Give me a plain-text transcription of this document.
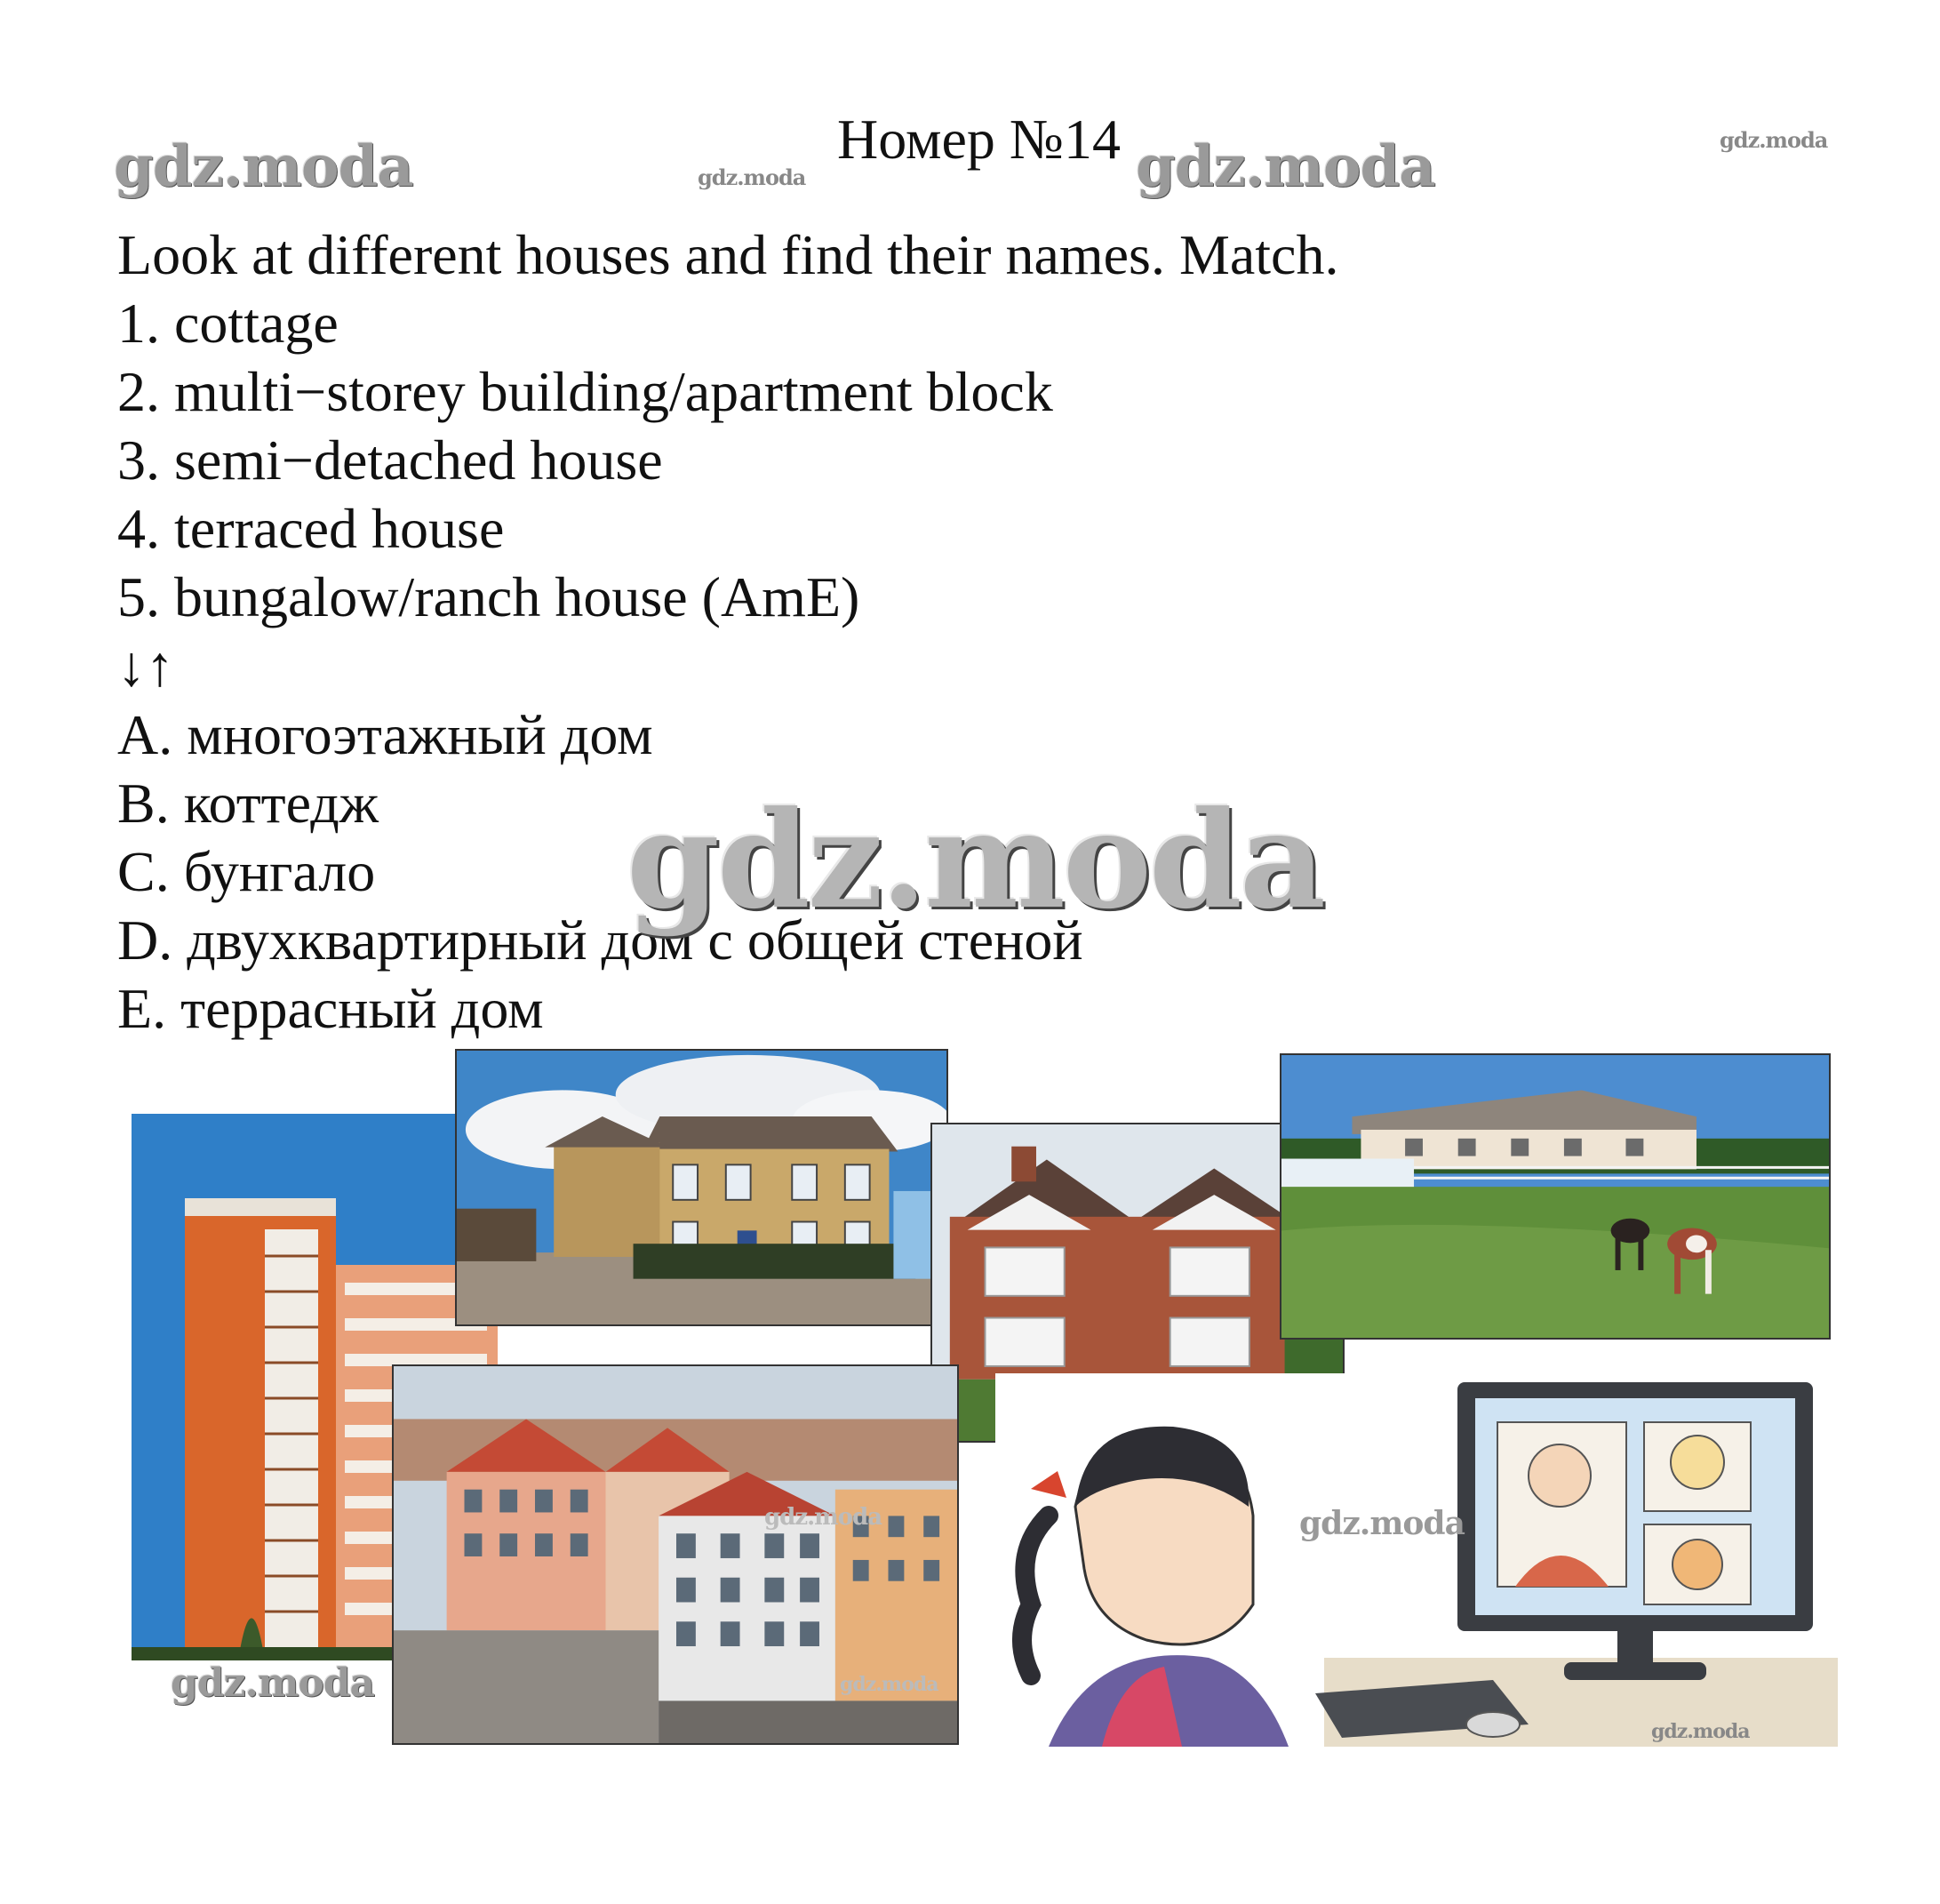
gdz.moda	gdz.moda	gdz.moda	gdz.moda
Номер №14
Look at different houses and find their names. Match.
1. cottage
2. multi−storey building/apartment block
3. semi−detached house
4. terraced house
5. bungalow/ranch house (AmE)
↓↑
A. многоэтажный дом
B. коттедж
C. бунгало
D. двухквартирный дом с общей стеной
E. террасный дом
gdz.moda
gdz.moda
gdz.moda
gdz.moda
gdz.moda
gdz.moda
